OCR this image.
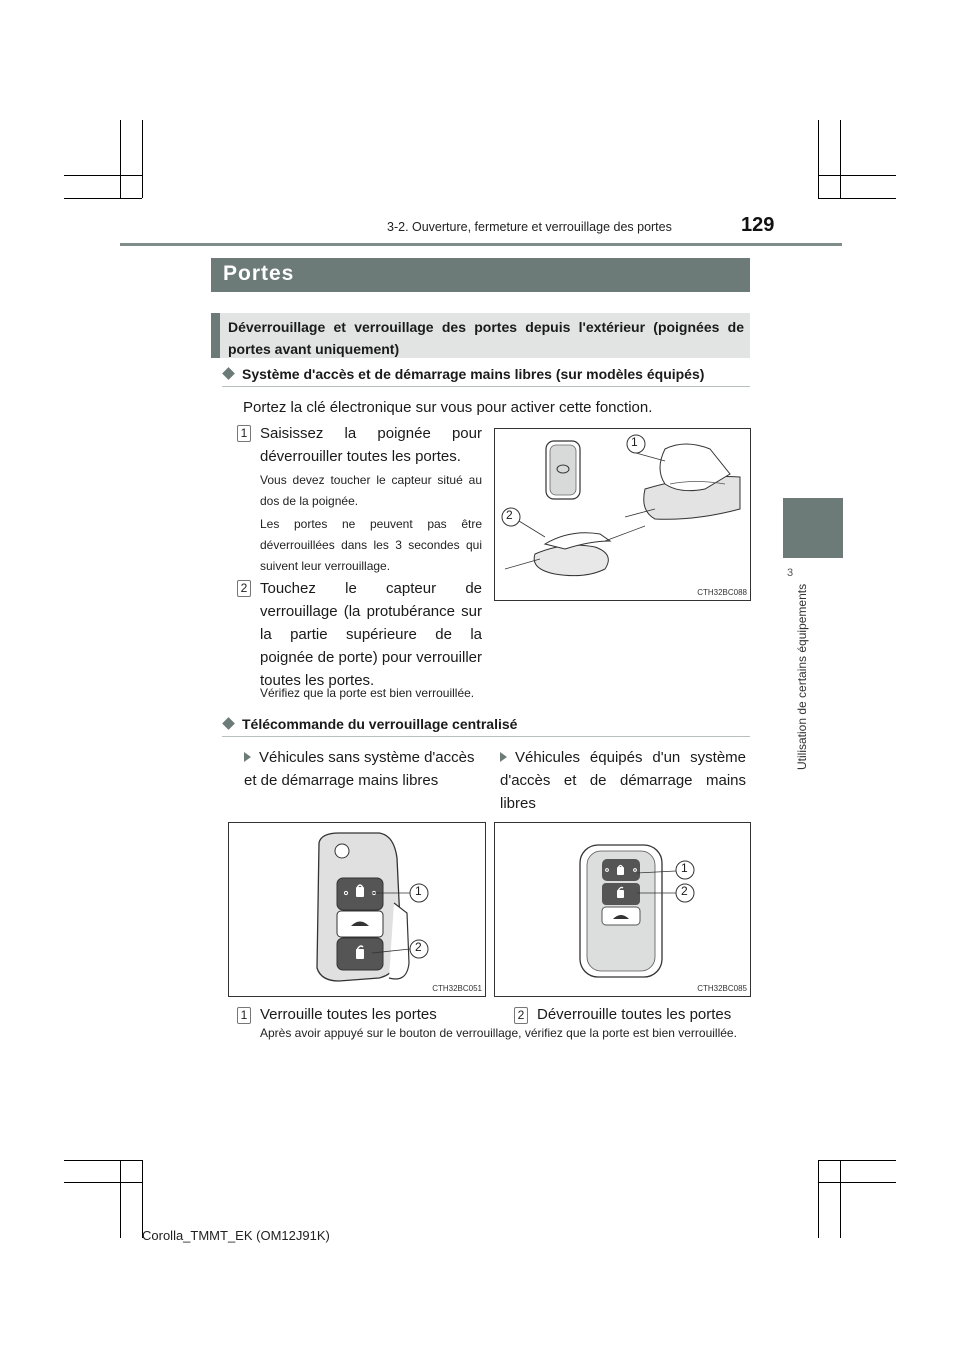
3-2. Ouverture, fermeture et verrouillage des portes	129
3
Utilisation de certains équipements
Portes
Déverrouillage et verrouillage des portes depuis l'extérieur (poignées de portes avant uniquement)
Système d'accès et de démarrage mains libres (sur modèles équipés)
Portez la clé électronique sur vous pour activer cette fonction.
1 Saisissez la poignée pour déverrouiller toutes les portes.
Vous devez toucher le capteur situé au dos de la poignée.
Les portes ne peuvent pas être déverrouillées dans les 3 secondes qui suivent leur verrouillage.
2 Touchez le capteur de verrouillage (la protubérance sur la partie supérieure de la poignée de porte) pour verrouiller toutes les portes.
Vérifiez que la porte est bien verrouillée.
1
2
CTH32BC088
Télécommande du verrouillage centralisé
Véhicules sans système d'accès et de démarrage mains libres
Véhicules équipés d'un système d'accès et de démarrage mains libres
1
2
CTH32BC051
1
2
CTH32BC085
1 Verrouille toutes les portes	2 Déverrouille toutes les portes
Après avoir appuyé sur le bouton de verrouillage, vérifiez que la porte est bien verrouillée.
Corolla_TMMT_EK (OM12J91K)
